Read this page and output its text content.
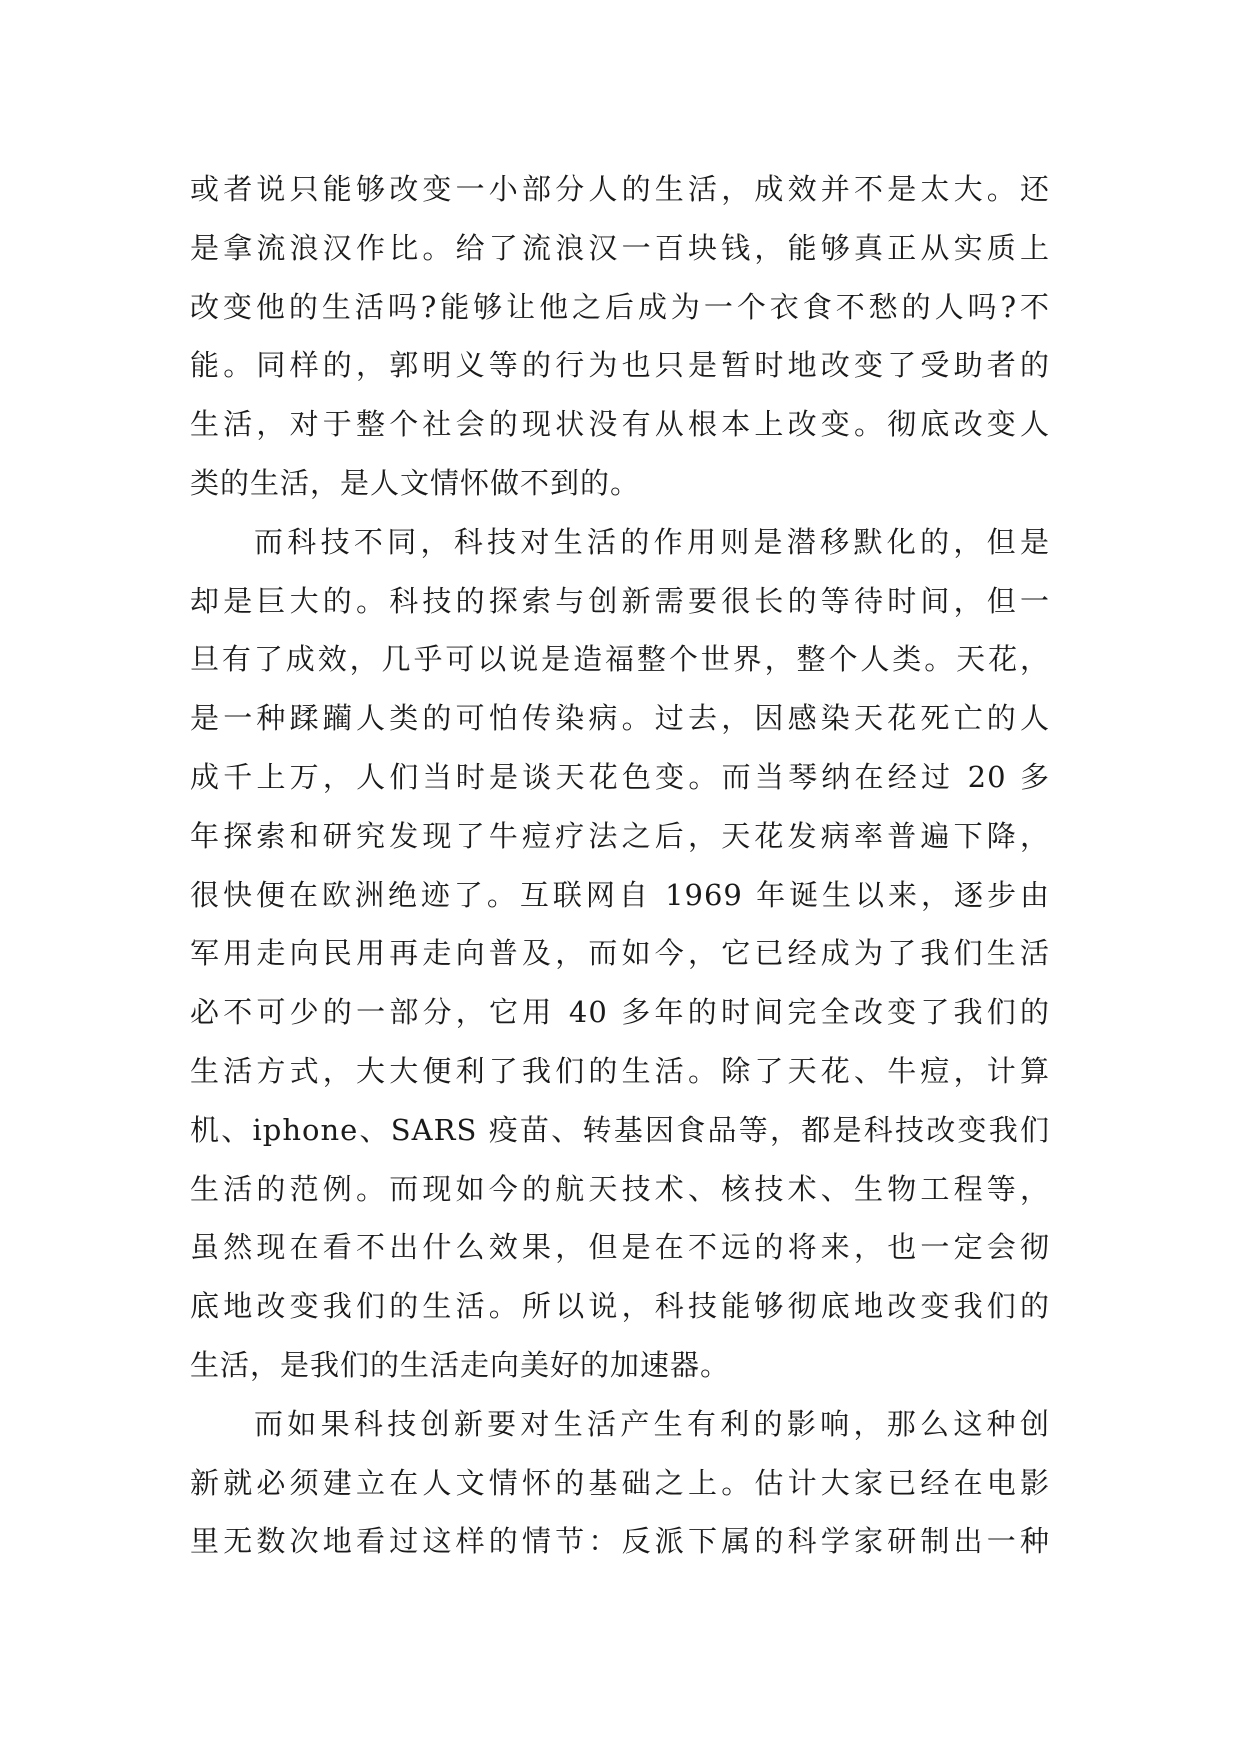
或者说只能够改变一小部分人的生活，成效并不是太大。还
是拿流浪汉作比。给了流浪汉一百块钱，能够真正从实质上
改变他的生活吗?能够让他之后成为一个衣食不愁的人吗?不
能。同样的，郭明义等的行为也只是暂时地改变了受助者的
生活，对于整个社会的现状没有从根本上改变。彻底改变人
类的生活，是人文情怀做不到的。
而科技不同，科技对生活的作用则是潜移默化的，但是
却是巨大的。科技的探索与创新需要很长的等待时间，但一
旦有了成效，几乎可以说是造福整个世界，整个人类。天花，
是一种蹂躏人类的可怕传染病。过去，因感染天花死亡的人
成千上万，人们当时是谈天花色变。而当琴纳在经过 20 多
年探索和研究发现了牛痘疗法之后，天花发病率普遍下降，
很快便在欧洲绝迹了。互联网自 1969 年诞生以来，逐步由
军用走向民用再走向普及，而如今，它已经成为了我们生活
必不可少的一部分，它用 40 多年的时间完全改变了我们的
生活方式，大大便利了我们的生活。除了天花、牛痘，计算
机、iphone、SARS 疫苗、转基因食品等，都是科技改变我们
生活的范例。而现如今的航天技术、核技术、生物工程等，
虽然现在看不出什么效果，但是在不远的将来，也一定会彻
底地改变我们的生活。所以说，科技能够彻底地改变我们的
生活，是我们的生活走向美好的加速器。
而如果科技创新要对生活产生有利的影响，那么这种创
新就必须建立在人文情怀的基础之上。估计大家已经在电影
里无数次地看过这样的情节：反派下属的科学家研制出一种
